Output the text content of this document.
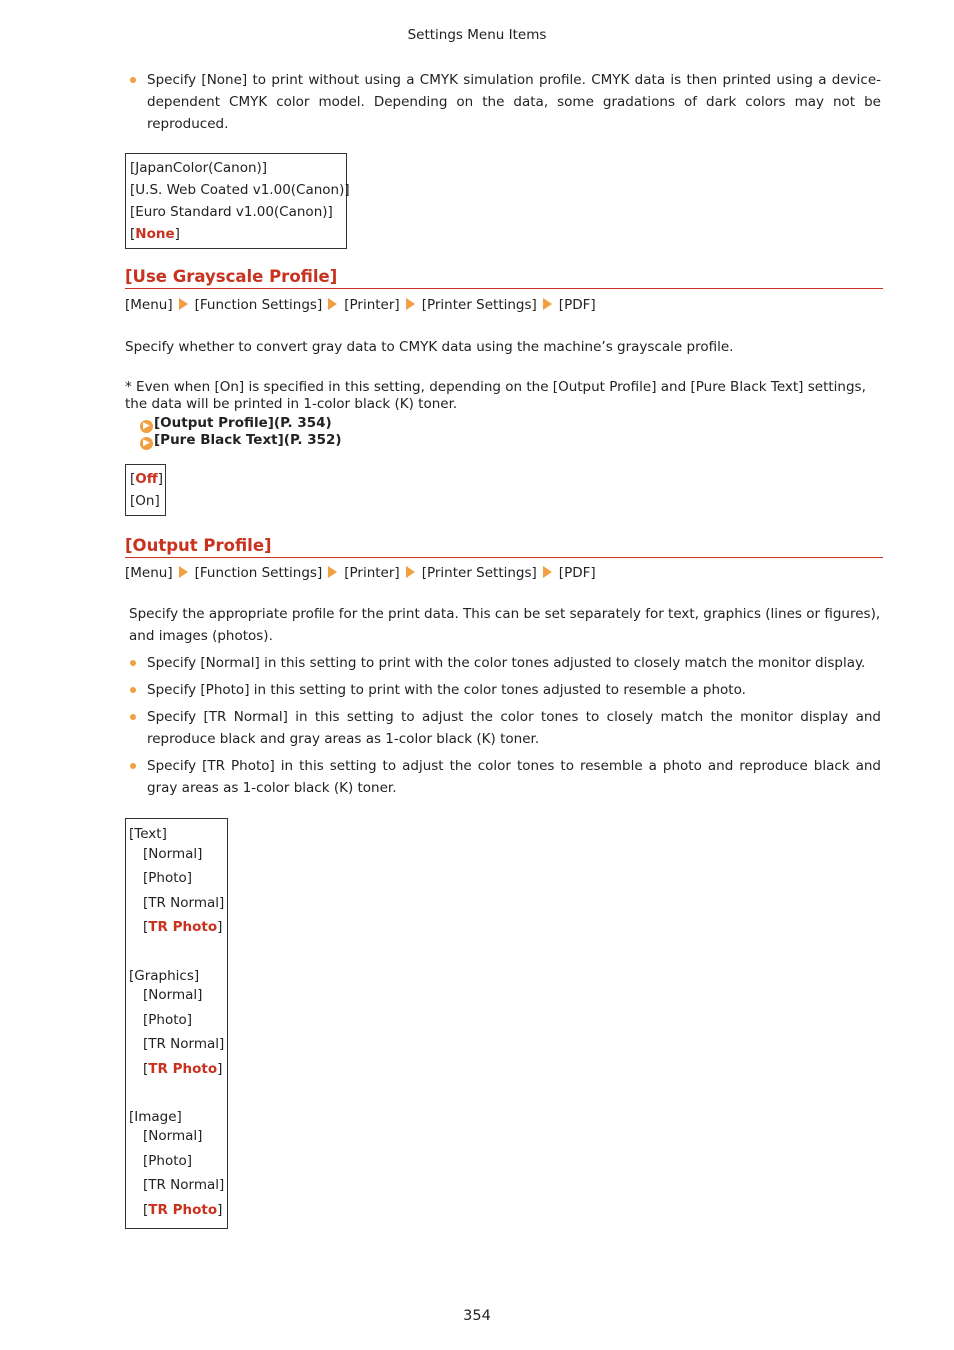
Settings Menu Items
Specify [None] to print without using a CMYK simulation profile. CMYK data is then printed using a device-dependent CMYK color model. Depending on the data, some gradations of dark colors may not be reproduced.
[JapanColor(Canon)]
[U.S. Web Coated v1.00(Canon)]
[Euro Standard v1.00(Canon)]
[None]
[Use Grayscale Profile]
[Menu] [Function Settings] [Printer] [Printer Settings] [PDF]
Specify whether to convert gray data to CMYK data using the machine’s grayscale profile.
* Even when [On] is specified in this setting, depending on the [Output Profile] and [Pure Black Text] settings, the data will be printed in 1-color black (K) toner.
▶ [Output Profile](P. 354)
▶ [Pure Black Text](P. 352)
[Off]
[On]
[Output Profile]
[Menu] [Function Settings] [Printer] [Printer Settings] [PDF]
Specify the appropriate profile for the print data. This can be set separately for text, graphics (lines or figures), and images (photos).
Specify [Normal] in this setting to print with the color tones adjusted to closely match the monitor display.
Specify [Photo] in this setting to print with the color tones adjusted to resemble a photo.
Specify [TR Normal] in this setting to adjust the color tones to closely match the monitor display and reproduce black and gray areas as 1-color black (K) toner.
Specify [TR Photo] in this setting to adjust the color tones to resemble a photo and reproduce black and gray areas as 1-color black (K) toner.
[Text]
[Normal]
[Photo]
[TR Normal]
[TR Photo]
[Graphics]
[Normal]
[Photo]
[TR Normal]
[TR Photo]
[Image]
[Normal]
[Photo]
[TR Normal]
[TR Photo]
354
